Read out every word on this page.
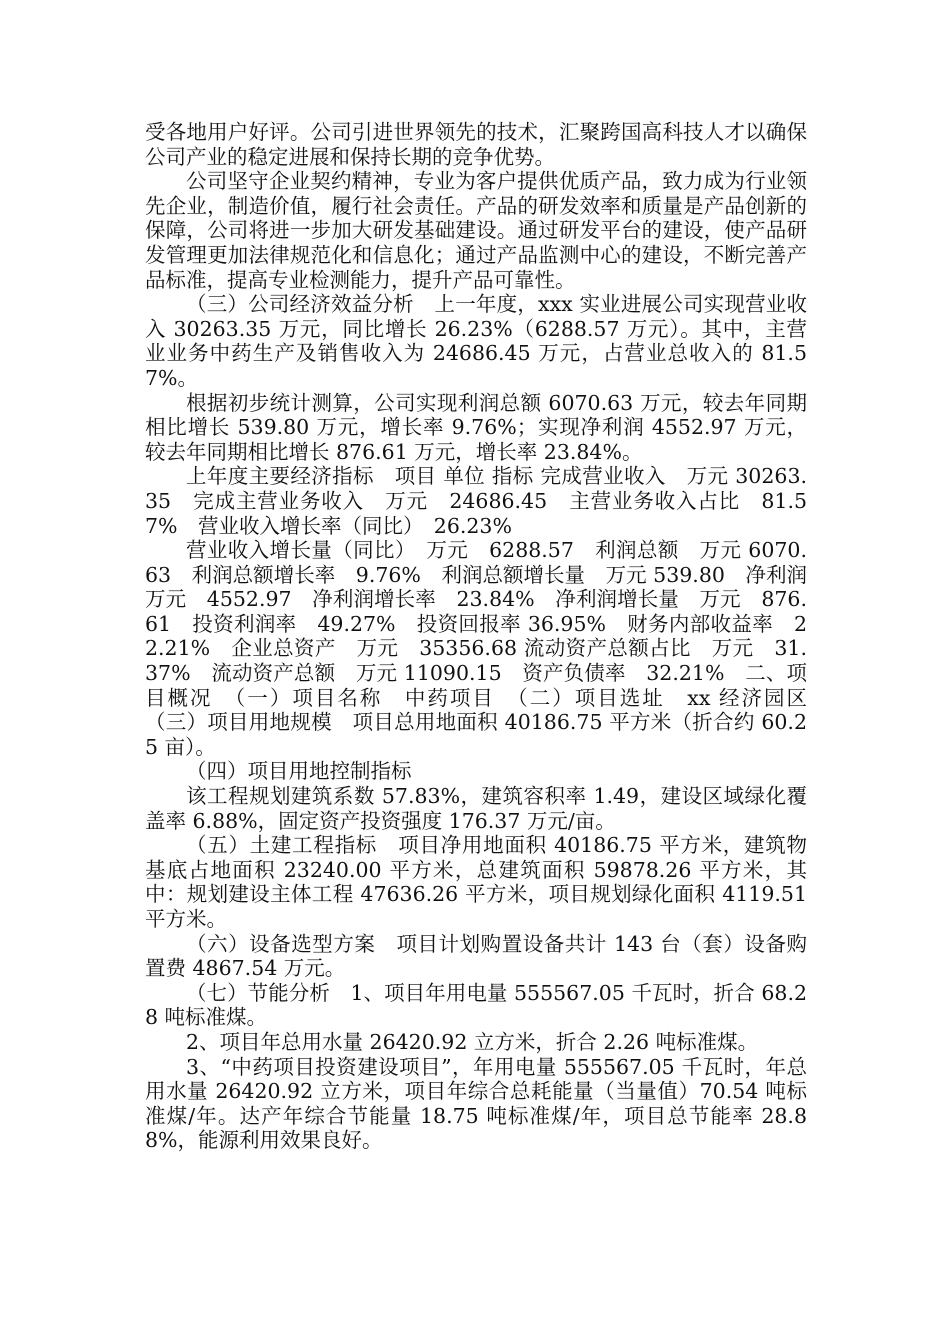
受各地用户好评。公司引进世界领先的技术，汇聚跨国高科技人才以确保公司产业的稳定进展和保持长期的竞争优势。

公司坚守企业契约精神，专业为客户提供优质产品，致力成为行业领先企业，制造价值，履行社会责任。产品的研发效率和质量是产品创新的保障，公司将进一步加大研发基础建设。通过研发平台的建设，使产品研发管理更加法律规范化和信息化；通过产品监测中心的建设，不断完善产品标准，提高专业检测能力，提升产品可靠性。

（三）公司经济效益分析　上一年度，xxx 实业进展公司实现营业收入 30263.35 万元，同比增长 26.23%（6288.57 万元）。其中，主营业业务中药生产及销售收入为 24686.45 万元，占营业总收入的 81.57%。

根据初步统计测算，公司实现利润总额 6070.63 万元，较去年同期相比增长 539.80 万元，增长率 9.76%；实现净利润 4552.97 万元，较去年同期相比增长 876.61 万元，增长率 23.84%。

上年度主要经济指标　项目 单位 指标 完成营业收入　万元 30263.35　完成主营业务收入　万元　24686.45　主营业务收入占比　81.57%　营业收入增长率（同比）　26.23%

营业收入增长量（同比）　万元　6288.57　利润总额　万元 6070.63　利润总额增长率　9.76%　利润总额增长量　万元 539.80　净利润　万元　4552.97　净利润增长率　23.84%　净利润增长量　万元　876.61　投资利润率　49.27%　投资回报率 36.95%　财务内部收益率　22.21%　企业总资产　万元　35356.68 流动资产总额占比　万元　31.37%　流动资产总额　万元 11090.15　资产负债率　32.21%　二、项目概况　（一）项目名称　中药项目　（二）项目选址　xx 经济园区　（三）项目用地规模　项目总用地面积 40186.75 平方米（折合约 60.25 亩）。

（四）项目用地控制指标

该工程规划建筑系数 57.83%，建筑容积率 1.49，建设区域绿化覆盖率 6.88%，固定资产投资强度 176.37 万元/亩。

（五）土建工程指标　项目净用地面积 40186.75 平方米，建筑物基底占地面积 23240.00 平方米，总建筑面积 59878.26 平方米，其中：规划建设主体工程 47636.26 平方米，项目规划绿化面积 4119.51 平方米。

（六）设备选型方案　项目计划购置设备共计 143 台（套）设备购置费 4867.54 万元。

（七）节能分析　1、项目年用电量 555567.05 千瓦时，折合 68.28 吨标准煤。

2、项目年总用水量 26420.92 立方米，折合 2.26 吨标准煤。

3、“中药项目投资建设项目”，年用电量 555567.05 千瓦时，年总用水量 26420.92 立方米，项目年综合总耗能量（当量值）70.54 吨标准煤/年。达产年综合节能量 18.75 吨标准煤/年，项目总节能率 28.88%，能源利用效果良好。
